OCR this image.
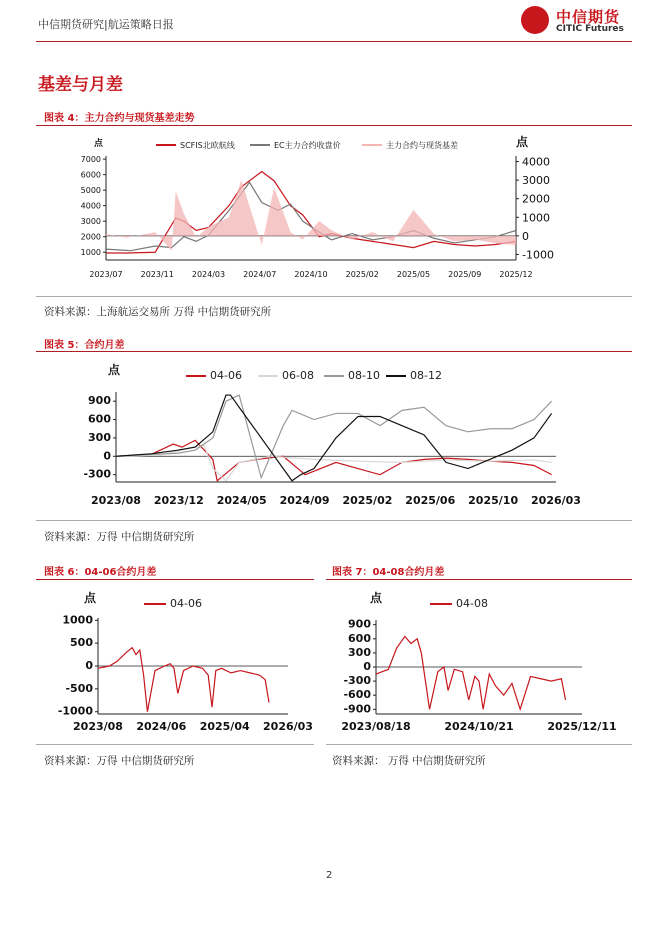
中信期货研究|航运策略日报	中信期货
CITIC Futures
基差与月差
图表 4：主力合约与现货基差走势
7000
6000
5000
4000
3000
2000
1000
4000
3000
2000
1000
0
-1000
2023/07 2023/11 2024/03 2024/07 2024/10 2025/02 2025/05 2025/09 2025/12
点	点
SCFIS北欧航线	EC主力合约收盘价	主力合约与现货基差
资料来源：上海航运交易所 万得 中信期货研究所
图表 5：合约月差
900
600
300
0
-300
2023/08 2023/12 2024/05 2024/09 2025/02 2025/06 2025/10 2026/03
点	04-06	06-08	08-10	08-12
资料来源：万得 中信期货研究所
图表 6：04-06合约月差
1000
500
0
-500
-1000
2023/08 2024/06 2025/04 2026/03
点	04-06
资料来源：万得 中信期货研究所
图表 7：04-08合约月差
900
600
300
0
-300
-600
-900
2023/08/18	2024/10/21	2025/12/11
点	04-08
资料来源： 万得 中信期货研究所
2
